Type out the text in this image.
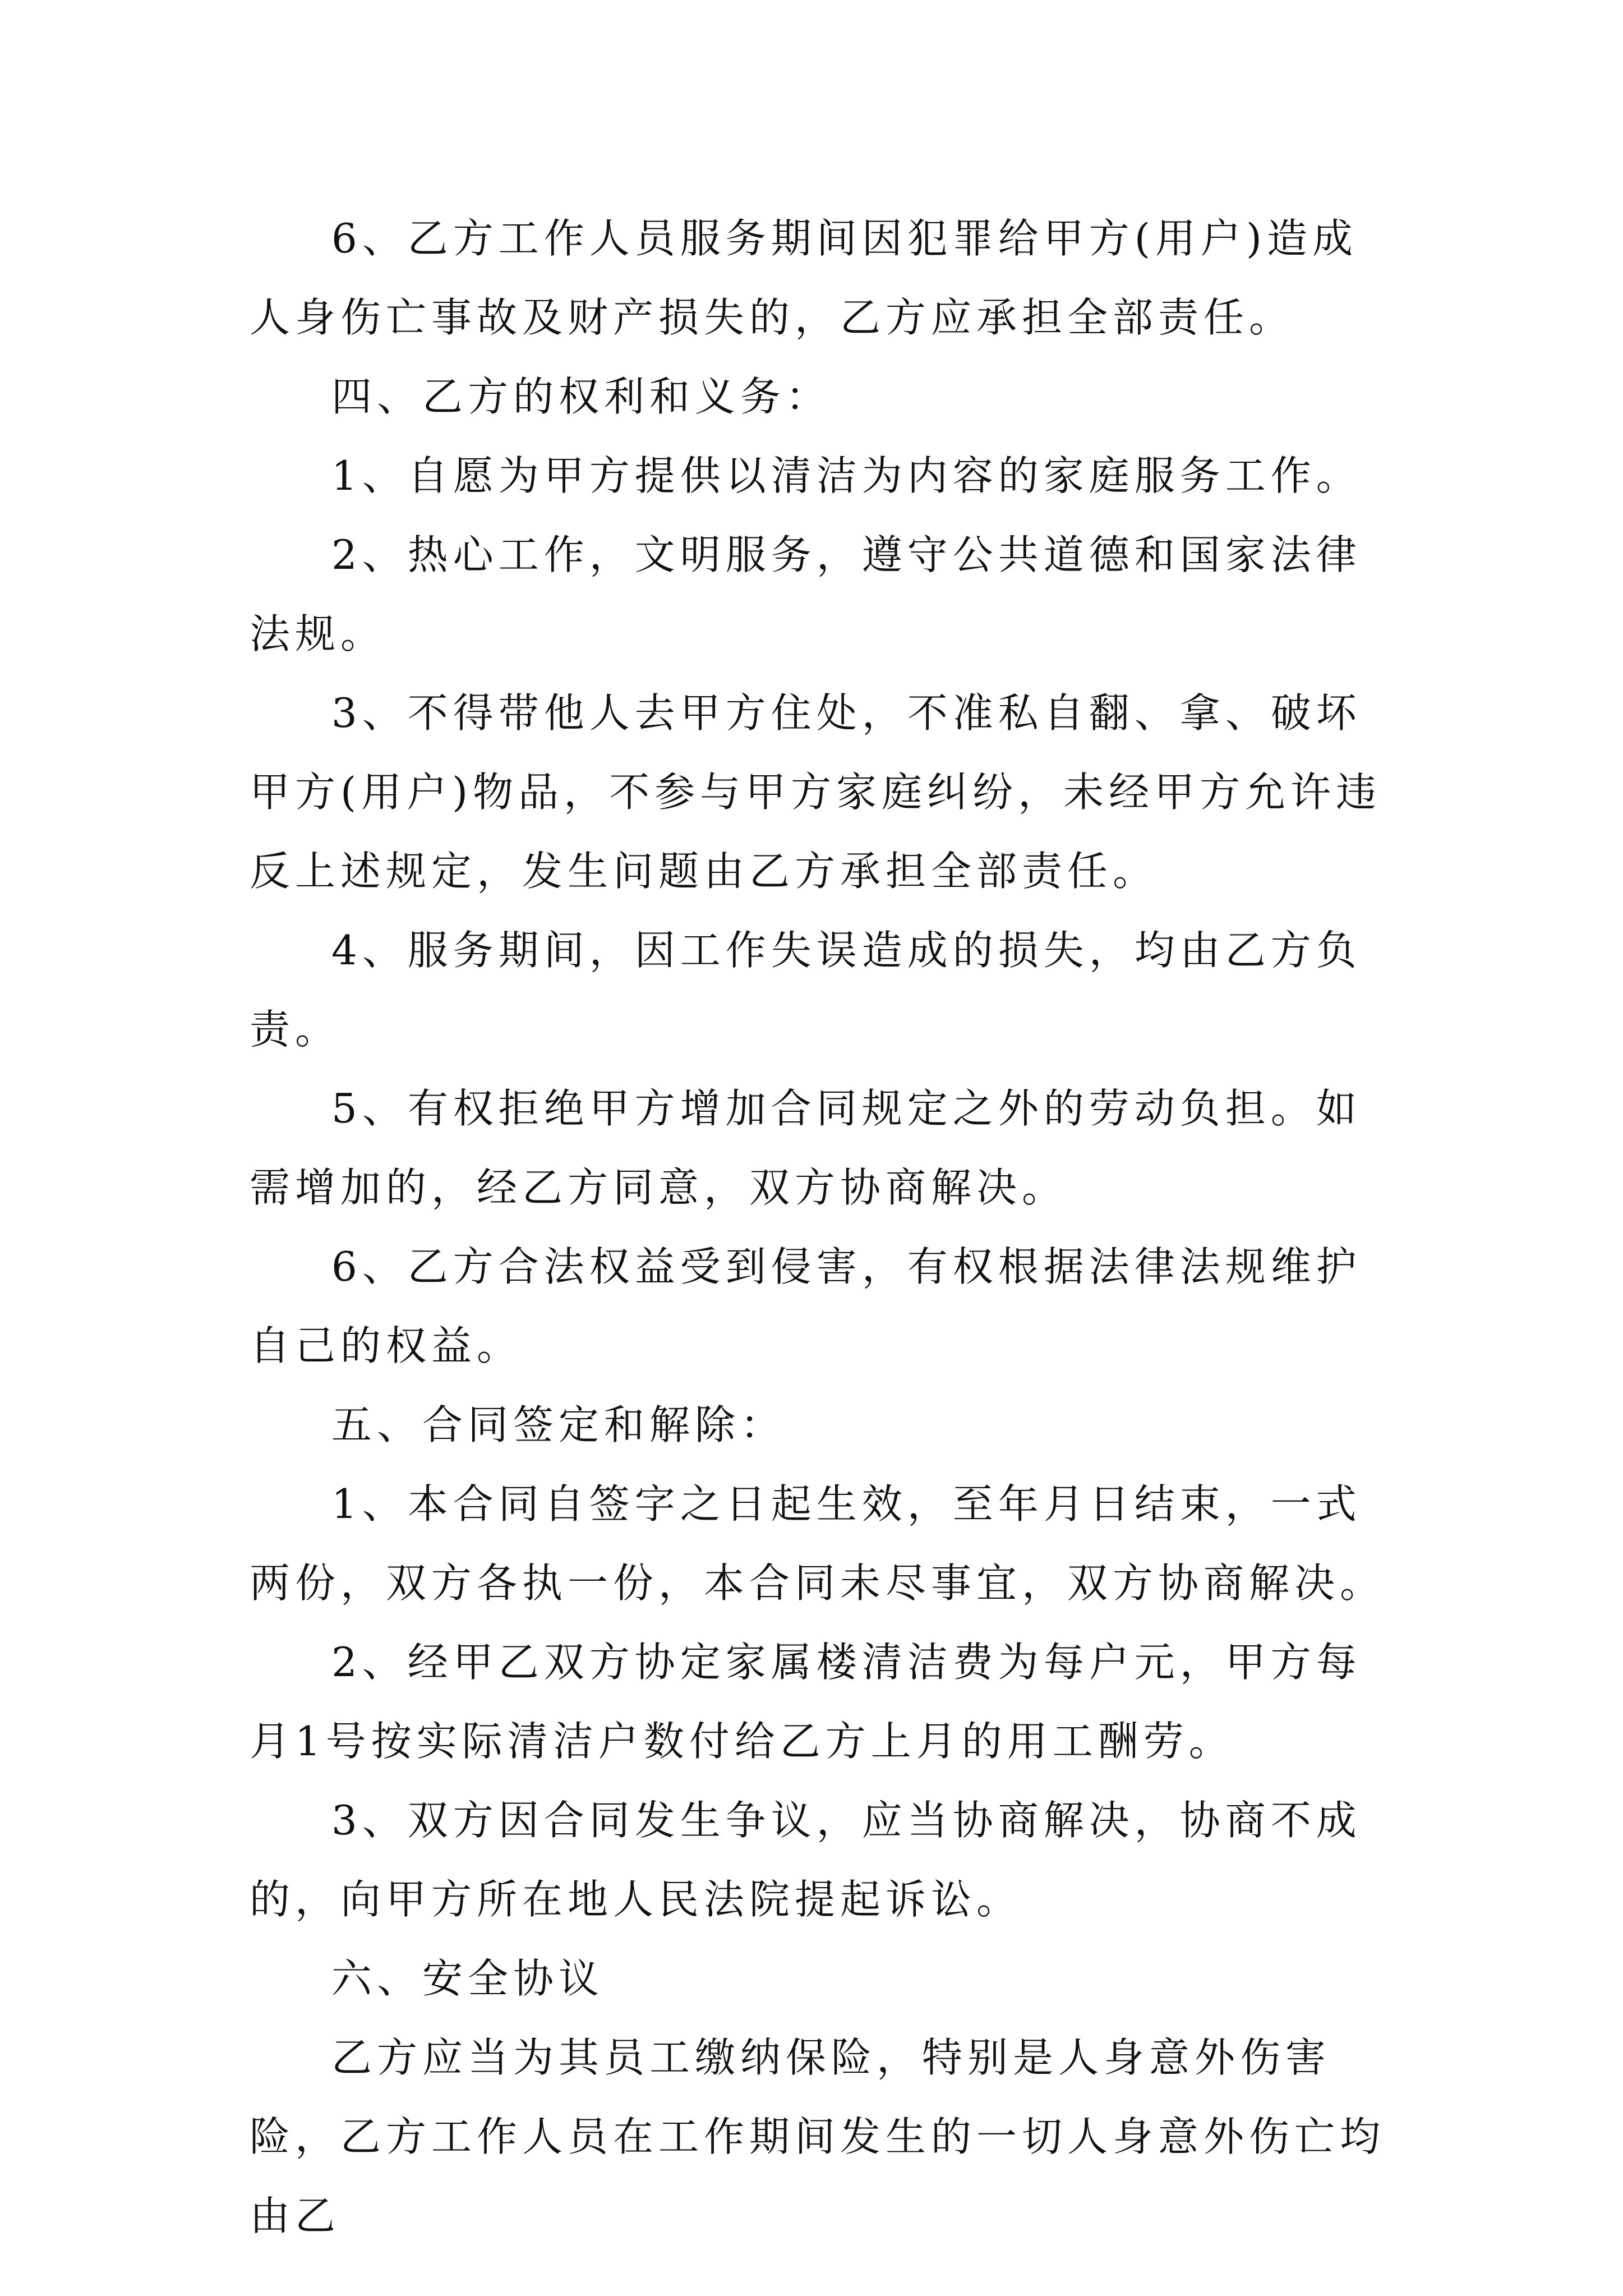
6、乙方工作人员服务期间因犯罪给甲方(用户)造成人身伤亡事故及财产损失的，乙方应承担全部责任。

四、乙方的权利和义务：

1、自愿为甲方提供以清洁为内容的家庭服务工作。

2、热心工作，文明服务，遵守公共道德和国家法律法规。

3、不得带他人去甲方住处，不准私自翻、拿、破坏甲方(用户)物品，不参与甲方家庭纠纷，未经甲方允许违反上述规定，发生问题由乙方承担全部责任。

4、服务期间，因工作失误造成的损失，均由乙方负责。

5、有权拒绝甲方增加合同规定之外的劳动负担。如需增加的，经乙方同意，双方协商解决。

6、乙方合法权益受到侵害，有权根据法律法规维护自己的权益。

五、合同签定和解除：

1、本合同自签字之日起生效，至年月日结束，一式两份，双方各执一份，本合同未尽事宜，双方协商解决。

2、经甲乙双方协定家属楼清洁费为每户元，甲方每月1号按实际清洁户数付给乙方上月的用工酬劳。

3、双方因合同发生争议，应当协商解决，协商不成的，向甲方所在地人民法院提起诉讼。

六、安全协议

乙方应当为其员工缴纳保险，特别是人身意外伤害险，乙方工作人员在工作期间发生的一切人身意外伤亡均由乙
